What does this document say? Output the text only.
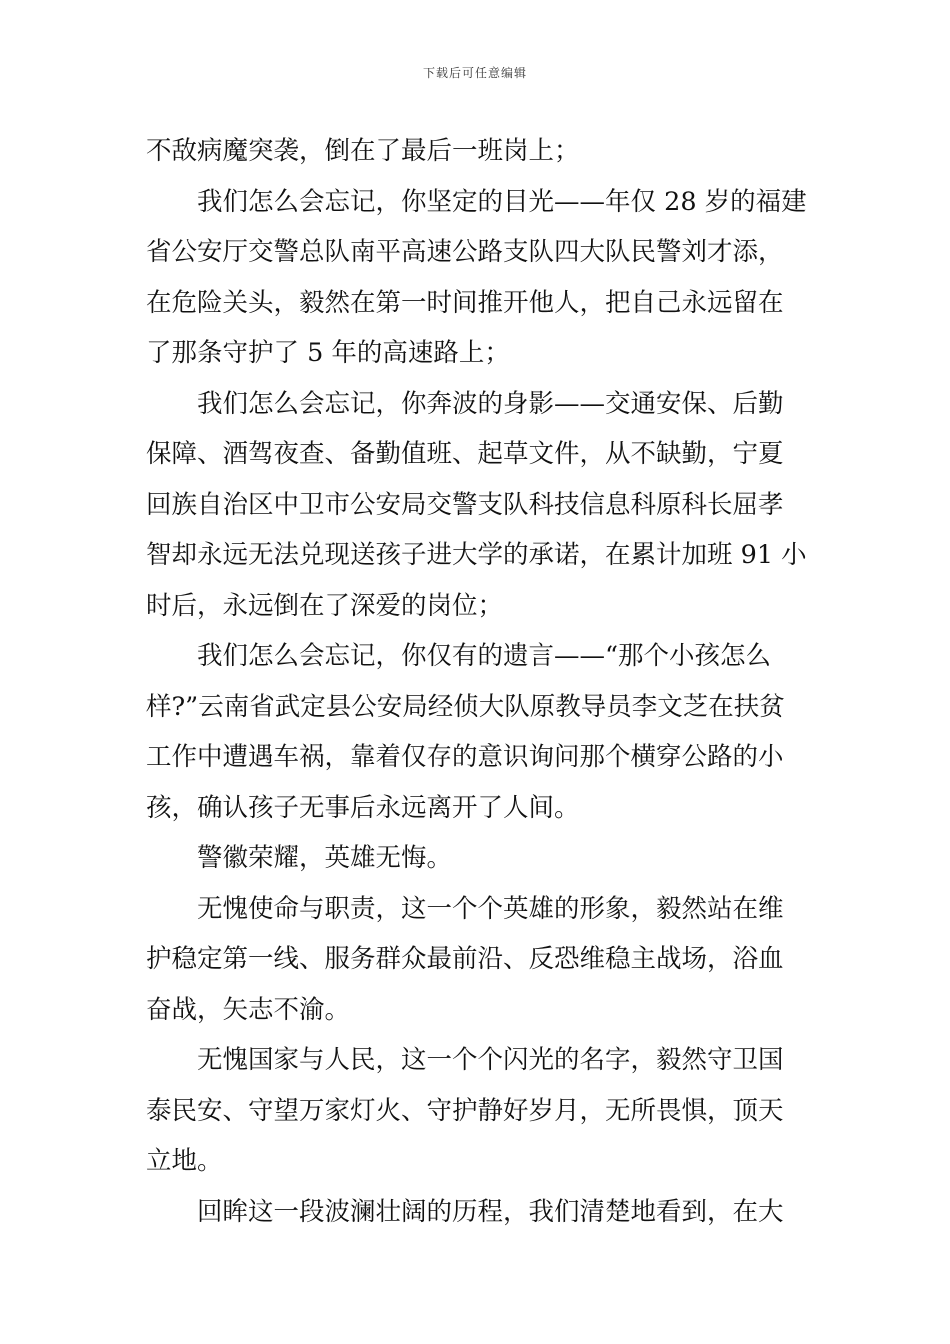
下载后可任意编辑
不敌病魔突袭，倒在了最后一班岗上；
我们怎么会忘记，你坚定的目光——年仅 28 岁的福建
省公安厅交警总队南平高速公路支队四大队民警刘才添，
在危险关头，毅然在第一时间推开他人，把自己永远留在
了那条守护了 5 年的高速路上；
我们怎么会忘记，你奔波的身影——交通安保、后勤
保障、酒驾夜查、备勤值班、起草文件，从不缺勤，宁夏
回族自治区中卫市公安局交警支队科技信息科原科长屈孝
智却永远无法兑现送孩子进大学的承诺，在累计加班 91 小
时后，永远倒在了深爱的岗位；
我们怎么会忘记，你仅有的遗言——“那个小孩怎么
样?”云南省武定县公安局经侦大队原教导员李文芝在扶贫
工作中遭遇车祸，靠着仅存的意识询问那个横穿公路的小
孩，确认孩子无事后永远离开了人间。
警徽荣耀，英雄无悔。
无愧使命与职责，这一个个英雄的形象，毅然站在维
护稳定第一线、服务群众最前沿、反恐维稳主战场，浴血
奋战，矢志不渝。
无愧国家与人民，这一个个闪光的名字，毅然守卫国
泰民安、守望万家灯火、守护静好岁月，无所畏惧，顶天
立地。
回眸这一段波澜壮阔的历程，我们清楚地看到，在大
